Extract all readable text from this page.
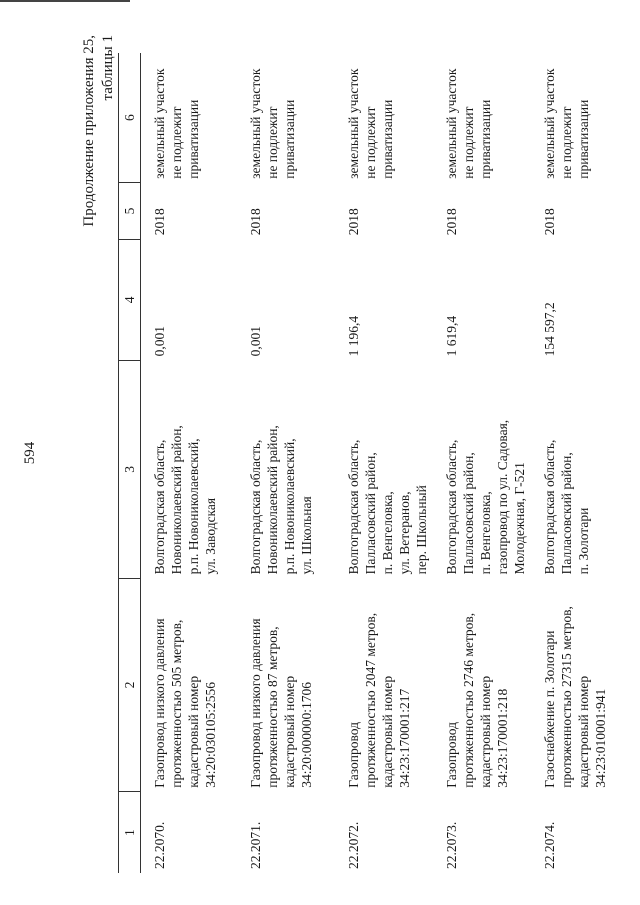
594
Продолжение приложения 25,
таблицы 1
1	2	3	4	5	6
22.2070.	Газопровод низкого давления
протяженностью 505 метров,
кадастровый номер
34:20:030105:2556	Волгоградская область,
Новониколаевский район,
р.п. Новониколаевский,
ул. Заводская	0,001	2018	земельный участок
не подлежит
приватизации
22.2071.	Газопровод низкого давления
протяженностью 87 метров,
кадастровый номер
34:20:000000:1706	Волгоградская область,
Новониколаевский район,
р.п. Новониколаевский,
ул. Школьная	0,001	2018	земельный участок
не подлежит
приватизации
22.2072.	Газопровод
протяженностью 2047 метров,
кадастровый номер
34:23:170001:217	Волгоградская область,
Палласовский район,
п. Венгеловка,
ул. Ветеранов,
пер. Школьный	1 196,4	2018	земельный участок
не подлежит
приватизации
22.2073.	Газопровод
протяженностью 2746 метров,
кадастровый номер
34:23:170001:218	Волгоградская область,
Палласовский район,
п. Венгеловка,
газопровод по ул. Садовая,
Молодежная, Г-521	1 619,4	2018	земельный участок
не подлежит
приватизации
22.2074.	Газоснабжение п. Золотари
протяженностью 27315 метров,
кадастровый номер
34:23:010001:941	Волгоградская область,
Палласовский район,
п. Золотари	154 597,2	2018	земельный участок
не подлежит
приватизации
